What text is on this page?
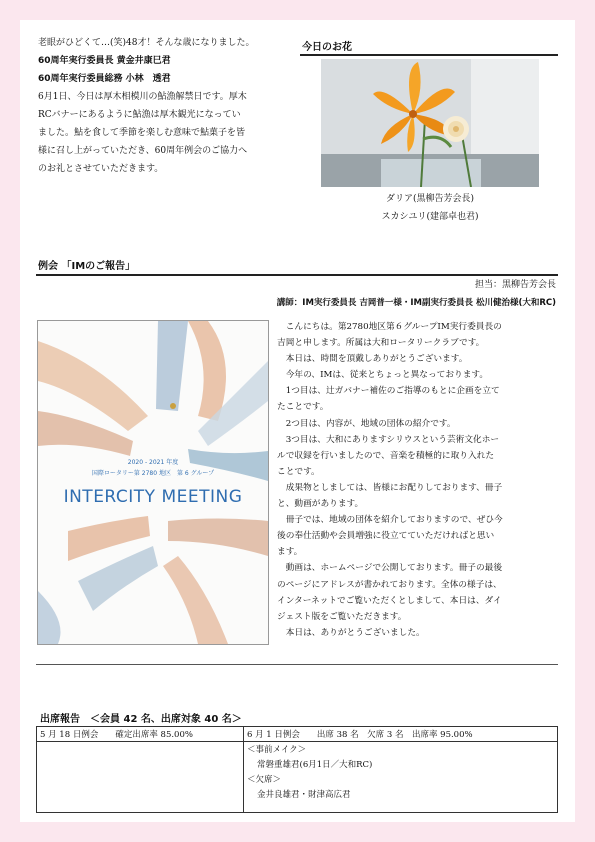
老眼がひどくて…(笑)48才！そんな歳になりました。
60周年実行委員長 黄金井康巳君
60周年実行委員総務 小林　透君
6月1日、今日は厚木相模川の鮎漁解禁日です。厚木
RCバナーにあるように鮎漁は厚木観光になってい
ました。鮎を食して季節を楽しむ意味で鮎菓子を皆
様に召し上がっていただき、60周年例会のご協力へ
のお礼とさせていただきます。
今日のお花
ダリア(黒柳告芳会長)
スカシユリ(建部卓也君)
例会 「IMのご報告」
担当：黒柳告芳会長
講師：IM実行委員長 吉岡普一様・IM副実行委員長 松川健治様(大和RC)
2020 - 2021 年度
国際ロータリー第 2780 地区　第 6 グループ
INTERCITY MEETING
　こんにちは。第2780地区第６グループIM実行委員長の
吉岡と申します。所属は大和ロータリークラブです。
　本日は、時間を頂戴しありがとうございます。
　今年の、IMは、従来とちょっと異なっております。
　1つ目は、辻ガバナー補佐のご指導のもとに企画を立て
たことです。
　2つ目は、内容が、地域の団体の紹介です。
　3つ目は、大和にありますシリウスという芸術文化ホー
ルで収録を行いましたので、音楽を積極的に取り入れた
ことです。
　成果物としましては、皆様にお配りしております、冊子
と、動画があります。
　冊子では、地域の団体を紹介しておりますので、ぜひ今
後の奉仕活動や会員増強に役立てていただければと思い
ます。
　動画は、ホームページで公開しております。冊子の最後
のページにアドレスが書かれております。全体の様子は、
インターネットでご覧いただくとしまして、本日は、ダイ
ジェスト版をご覧いただきます。
　本日は、ありがとうございました。
出席報告　＜会員 42 名、出席対象 40 名＞
5 月 18 日例会　　確定出席率 85.00%	6 月 1 日例会　　出席 38 名　欠席 3 名　出席率 95.00%

	＜事前メイク＞
常磐重雄君(6月1日／大和RC)
＜欠席＞
金井良雄君・財津高広君
